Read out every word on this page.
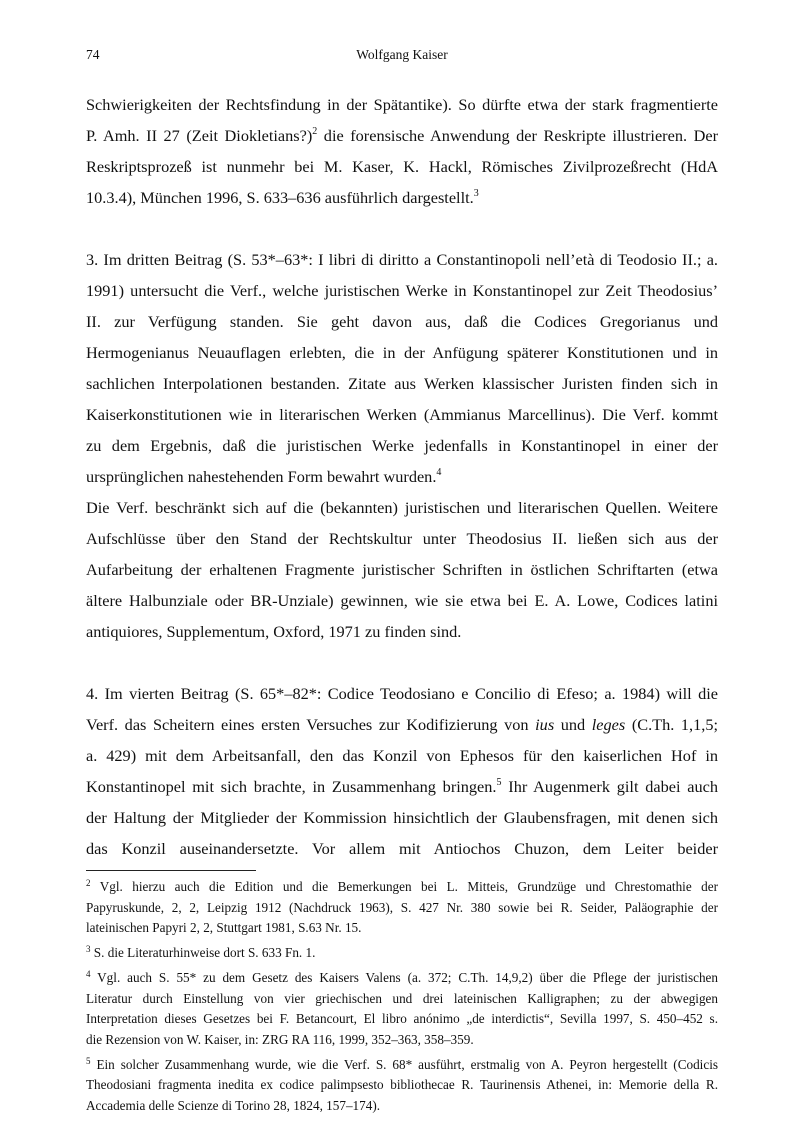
74	Wolfgang Kaiser
Schwierigkeiten der Rechtsfindung in der Spätantike). So dürfte etwa der stark fragmentierte
P. Amh. II 27 (Zeit Diokletians?)$^2$ die forensische Anwendung der Reskripte illustrieren. Der
Reskriptsprozeß ist nunmehr bei M. Kaser, K. Hackl, Römisches Zivilprozeßrecht (HdA
10.3.4), München 1996, S. 633–636 ausführlich dargestellt.$^3$
3. Im dritten Beitrag (S. 53*–63*: I libri di diritto a Constantinopoli nell’età di Teodosio II.; a.
1991) untersucht die Verf., welche juristischen Werke in Konstantinopel zur Zeit Theodosius’
II. zur Verfügung standen. Sie geht davon aus, daß die Codices Gregorianus und
Hermogenianus Neuauflagen erlebten, die in der Anfügung späterer Konstitutionen und in
sachlichen Interpolationen bestanden. Zitate aus Werken klassischer Juristen finden sich in
Kaiserkonstitutionen wie in literarischen Werken (Ammianus Marcellinus). Die Verf. kommt
zu dem Ergebnis, daß die juristischen Werke jedenfalls in Konstantinopel in einer der
ursprünglichen nahestehenden Form bewahrt wurden.$^4$
Die Verf. beschränkt sich auf die (bekannten) juristischen und literarischen Quellen. Weitere
Aufschlüsse über den Stand der Rechtskultur unter Theodosius II. ließen sich aus der
Aufarbeitung der erhaltenen Fragmente juristischer Schriften in östlichen Schriftarten (etwa
ältere Halbunziale oder BR-Unziale) gewinnen, wie sie etwa bei E. A. Lowe, Codices latini
antiquiores, Supplementum, Oxford, 1971 zu finden sind.
4. Im vierten Beitrag (S. 65*–82*: Codice Teodosiano e Concilio di Efeso; a. 1984) will die
Verf. das Scheitern eines ersten Versuches zur Kodifizierung von ius und leges (C.Th. 1,1,5;
a. 429) mit dem Arbeitsanfall, den das Konzil von Ephesos für den kaiserlichen Hof in
Konstantinopel mit sich brachte, in Zusammenhang bringen.$^5$ Ihr Augenmerk gilt dabei auch
der Haltung der Mitglieder der Kommission hinsichtlich der Glaubensfragen, mit denen sich
das Konzil auseinandersetzte. Vor allem mit Antiochos Chuzon, dem Leiter beider
$^2$ Vgl. hierzu auch die Edition und die Bemerkungen bei L. Mitteis, Grundzüge und Chrestomathie der
Papyruskunde, 2, 2, Leipzig 1912 (Nachdruck 1963), S. 427 Nr. 380 sowie bei R. Seider, Paläographie der
lateinischen Papyri 2, 2, Stuttgart 1981, S.63 Nr. 15.
$^3$ S. die Literaturhinweise dort S. 633 Fn. 1.
$^4$ Vgl. auch S. 55* zu dem Gesetz des Kaisers Valens (a. 372; C.Th. 14,9,2) über die Pflege der juristischen
Literatur durch Einstellung von vier griechischen und drei lateinischen Kalligraphen; zu der abwegigen
Interpretation dieses Gesetzes bei F. Betancourt, El libro anónimo „de interdictis“, Sevilla 1997, S. 450–452 s.
die Rezension von W. Kaiser, in: ZRG RA 116, 1999, 352–363, 358–359.
$^5$ Ein solcher Zusammenhang wurde, wie die Verf. S. 68* ausführt, erstmalig von A. Peyron hergestellt (Codicis
Theodosiani fragmenta inedita ex codice palimpsesto bibliothecae R. Taurinensis Athenei, in: Memorie della R.
Accademia delle Scienze di Torino 28, 1824, 157–174).
